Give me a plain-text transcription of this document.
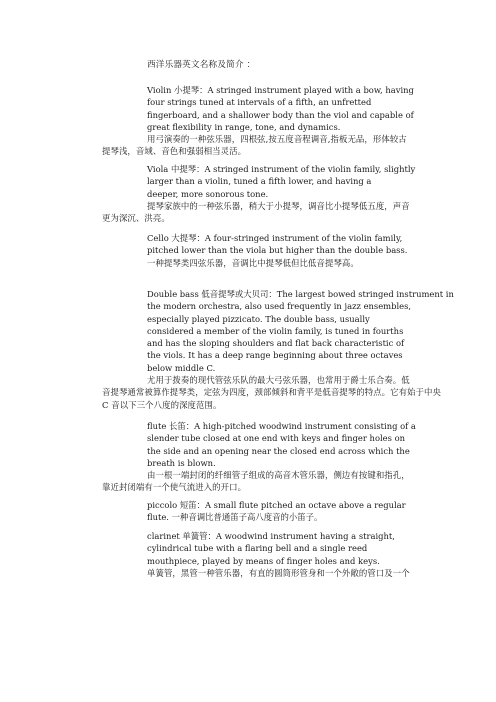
西洋乐器英文名称及简介 ：
Violin 小提琴：A stringed instrument played with a bow, having
four strings tuned at intervals of a fifth, an unfretted
fingerboard, and a shallower body than the viol and capable of
great flexibility in range, tone, and dynamics.
用弓演奏的一种弦乐器，四根弦,按五度音程调音,指板无品，形体较古
提琴浅，音域、音色和强弱相当灵活。
Viola 中提琴：A stringed instrument of the violin family, slightly
larger than a violin, tuned a fifth lower, and having a
deeper, more sonorous tone.
提琴家族中的一种弦乐器，稍大于小提琴，调音比小提琴低五度，声音
更为深沉、洪亮。
Cello 大提琴：A four-stringed instrument of the violin family,
pitched lower than the viola but higher than the double bass.
一种提琴类四弦乐器，音调比中提琴低但比低音提琴高。
Double bass 低音提琴或大贝司：The largest bowed stringed instrument in
the modern orchestra, also used frequently in jazz ensembles,
especially played pizzicato. The double bass, usually
considered a member of the violin family, is tuned in fourths
and has the sloping shoulders and flat back characteristic of
the viols. It has a deep range beginning about three octaves
below middle C.
尤用于拨奏的现代管弦乐队的最大弓弦乐器，也常用于爵士乐合奏。低
音提琴通常被算作提琴类，定弦为四度，颈部倾斜和背平是低音提琴的特点。它有始于中央
C 音以下三个八度的深度范围。
flute 长笛：A high-pitched woodwind instrument consisting of a
slender tube closed at one end with keys and finger holes on
the side and an opening near the closed end across which the
breath is blown.
由一根一端封闭的纤细管子组成的高音木管乐器，侧边有按键和指孔，
靠近封闭端有一个使气流进入的开口。
piccolo 短笛：A small flute pitched an octave above a regular
flute. 一种音调比普通笛子高八度音的小笛子。
clarinet 单簧管：A woodwind instrument having a straight,
cylindrical tube with a flaring bell and a single reed
mouthpiece, played by means of finger holes and keys.
单簧管，黑管一种管乐器，有直的圆筒形管身和一个外敞的管口及一个
